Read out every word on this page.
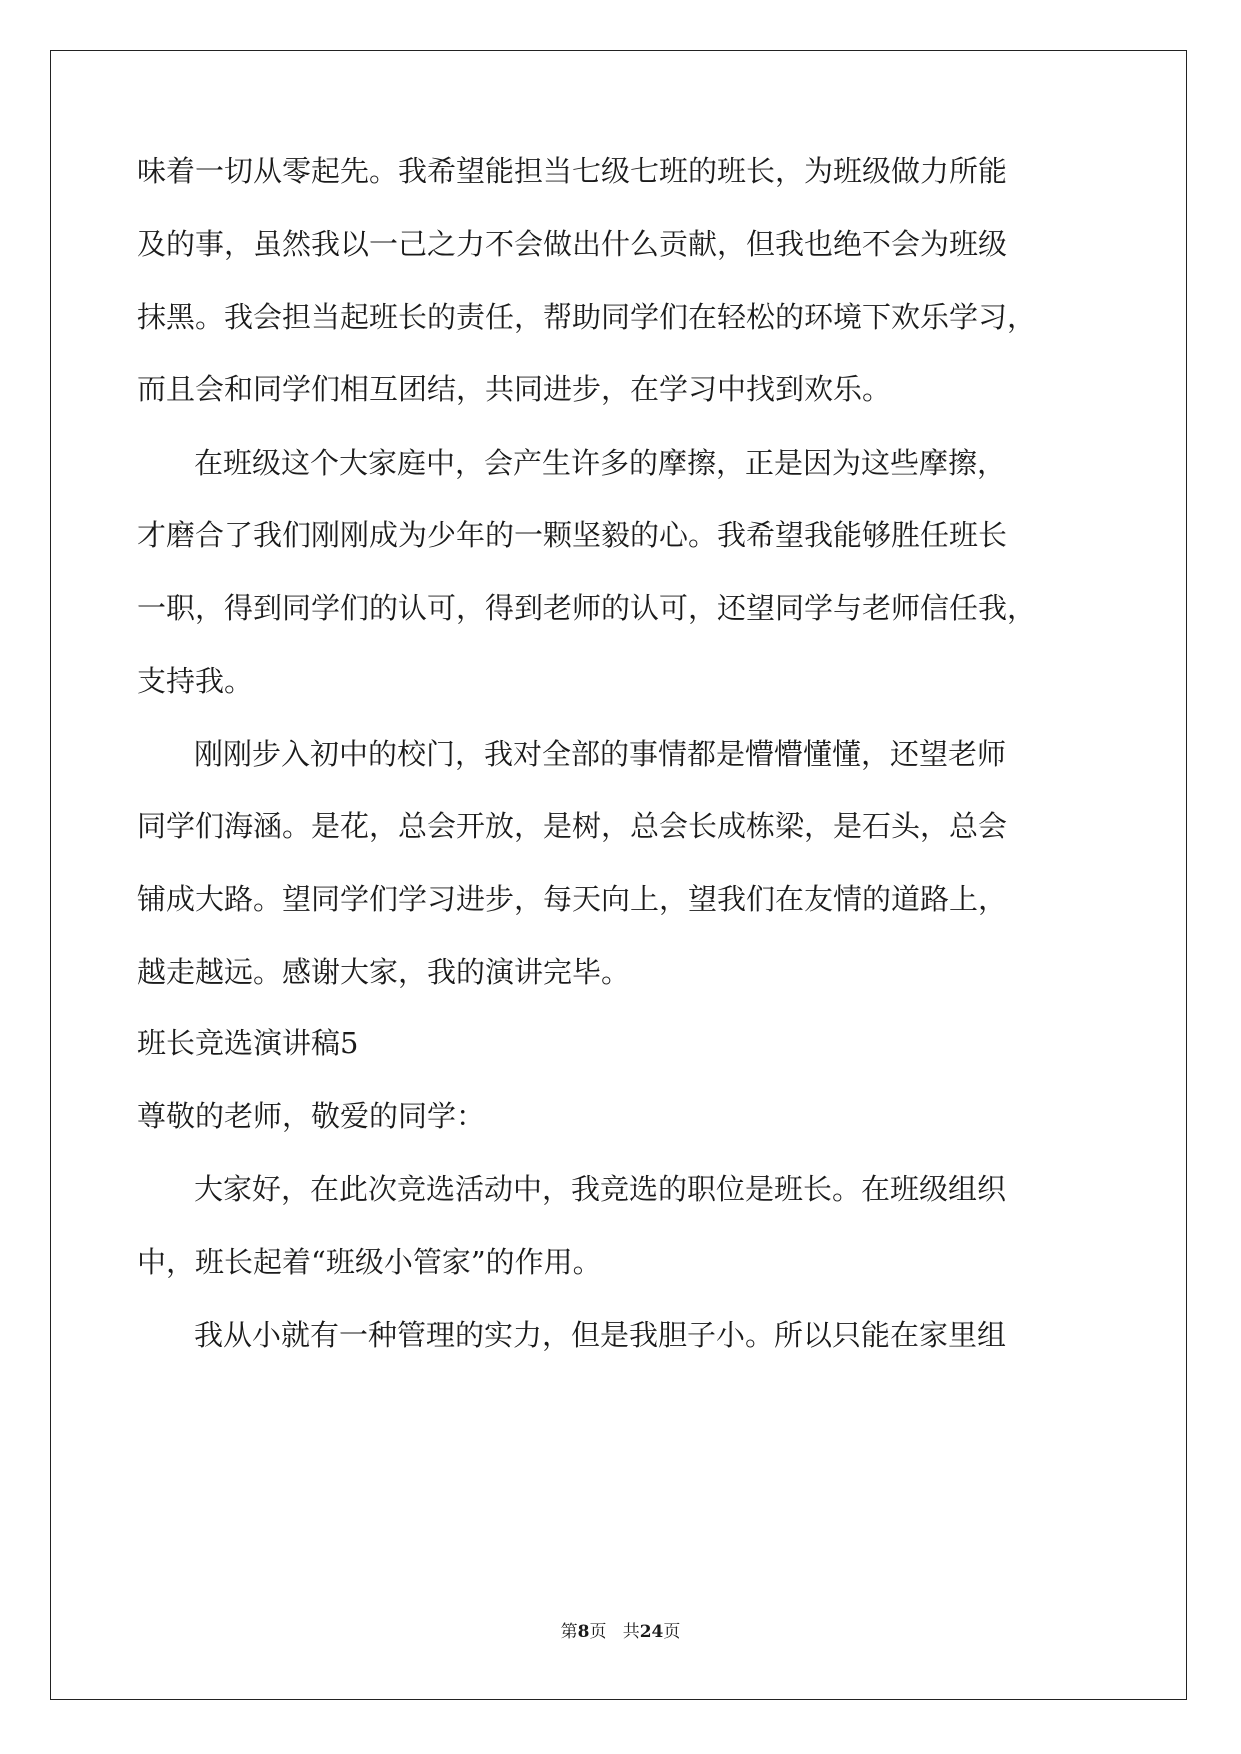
味着一切从零起先。我希望能担当七级七班的班长，为班级做力所能
及的事，虽然我以一己之力不会做出什么贡献，但我也绝不会为班级
抹黑。我会担当起班长的责任，帮助同学们在轻松的环境下欢乐学习，
而且会和同学们相互团结，共同进步，在学习中找到欢乐。
在班级这个大家庭中，会产生许多的摩擦，正是因为这些摩擦，
才磨合了我们刚刚成为少年的一颗坚毅的心。我希望我能够胜任班长
一职，得到同学们的认可，得到老师的认可，还望同学与老师信任我，
支持我。
刚刚步入初中的校门，我对全部的事情都是懵懵懂懂，还望老师
同学们海涵。是花，总会开放，是树，总会长成栋梁，是石头，总会
铺成大路。望同学们学习进步，每天向上，望我们在友情的道路上，
越走越远。感谢大家，我的演讲完毕。
班长竞选演讲稿5
尊敬的老师，敬爱的同学：
大家好，在此次竞选活动中，我竞选的职位是班长。在班级组织
中，班长起着“班级小管家”的作用。
我从小就有一种管理的实力，但是我胆子小。所以只能在家里组
第8页 共24页
